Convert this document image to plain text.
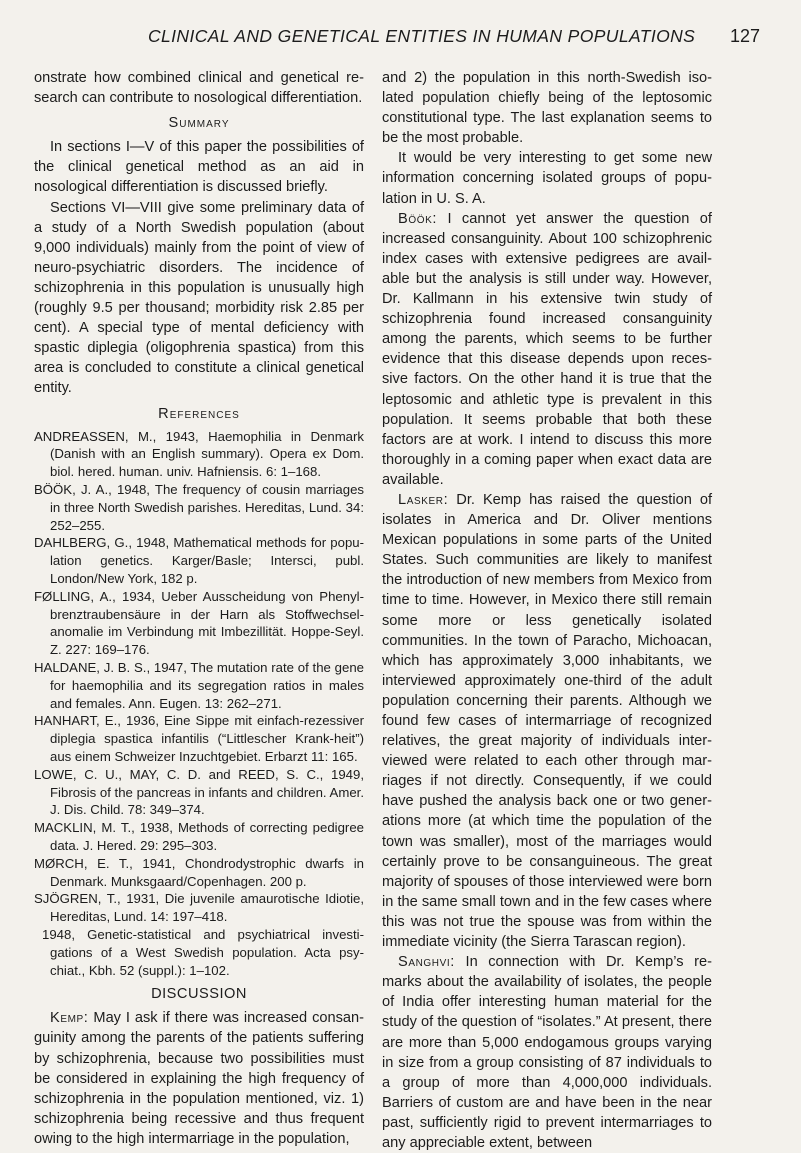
CLINICAL AND GENETICAL ENTITIES IN HUMAN POPULATIONS 127

onstrate how combined clinical and genetical re-search can contribute to nosological differentiation.

Summary

In sections I—V of this paper the possibilities of the clinical genetical method as an aid in nosological differentiation is discussed briefly.

Sections VI—VIII give some preliminary data of a study of a North Swedish population (about 9,000 individuals) mainly from the point of view of neuro-psychiatric disorders. The incidence of schizophrenia in this population is unusually high (roughly 9.5 per thousand; morbidity risk 2.85 per cent). A special type of mental deficiency with spastic diplegia (oligophrenia spastica) from this area is concluded to constitute a clinical genetical entity.

References

ANDREASSEN, M., 1943, Haemophilia in Denmark (Danish with an English summary). Opera ex Dom. biol. hered. human. univ. Hafniensis. 6: 1–168.

BÖÖK, J. A., 1948, The frequency of cousin marriages in three North Swedish parishes. Hereditas, Lund. 34: 252–255.

DAHLBERG, G., 1948, Mathematical methods for popu-lation genetics. Karger/Basle; Intersci, publ. London/New York, 182 p.

FØLLING, A., 1934, Ueber Ausscheidung von Phenyl-brenztraubensäure in der Harn als Stoffwechsel-anomalie im Verbindung mit Imbezillität. Hoppe-Seyl. Z. 227: 169–176.

HALDANE, J. B. S., 1947, The mutation rate of the gene for haemophilia and its segregation ratios in males and females. Ann. Eugen. 13: 262–271.

HANHART, E., 1936, Eine Sippe mit einfach-rezessiver diplegia spastica infantilis (“Littlescher Krank-heit”) aus einem Schweizer Inzuchtgebiet. Erbarzt 11: 165.

LOWE, C. U., MAY, C. D. and REED, S. C., 1949, Fibrosis of the pancreas in infants and children. Amer. J. Dis. Child. 78: 349–374.

MACKLIN, M. T., 1938, Methods of correcting pedigree data. J. Hered. 29: 295–303.

MØRCH, E. T., 1941, Chondrodystrophic dwarfs in Denmark. Munksgaard/Copenhagen. 200 p.

SJÖGREN, T., 1931, Die juvenile amaurotische Idiotie, Hereditas, Lund. 14: 197–418.

1948, Genetic-statistical and psychiatrical investi-gations of a West Swedish population. Acta psy-chiat., Kbh. 52 (suppl.): 1–102.

DISCUSSION

Kemp: May I ask if there was increased consan-guinity among the parents of the patients suffering by schizophrenia, because two possibilities must be considered in explaining the high frequency of schizophrenia in the population mentioned, viz. 1) schizophrenia being recessive and thus frequent owing to the high intermarriage in the population,

and 2) the population in this north-Swedish iso-lated population chiefly being of the leptosomic constitutional type. The last explanation seems to be the most probable.

It would be very interesting to get some new information concerning isolated groups of popu-lation in U. S. A.

Böök: I cannot yet answer the question of increased consanguinity. About 100 schizophrenic index cases with extensive pedigrees are avail-able but the analysis is still under way. However, Dr. Kallmann in his extensive twin study of schizophrenia found increased consanguinity among the parents, which seems to be further evidence that this disease depends upon reces-sive factors. On the other hand it is true that the leptosomic and athletic type is prevalent in this population. It seems probable that both these factors are at work. I intend to discuss this more thoroughly in a coming paper when exact data are available.

Lasker: Dr. Kemp has raised the question of isolates in America and Dr. Oliver mentions Mexican populations in some parts of the United States. Such communities are likely to manifest the introduction of new members from Mexico from time to time. However, in Mexico there still remain some more or less genetically isolated communities. In the town of Paracho, Michoacan, which has approximately 3,000 inhabitants, we interviewed approximately one-third of the adult population concerning their parents. Although we found few cases of intermarriage of recognized relatives, the great majority of individuals inter-viewed were related to each other through mar-riages if not directly. Consequently, if we could have pushed the analysis back one or two gener-ations more (at which time the population of the town was smaller), most of the marriages would certainly prove to be consanguineous. The great majority of spouses of those interviewed were born in the same small town and in the few cases where this was not true the spouse was from within the immediate vicinity (the Sierra Tarascan region).

Sanghvi: In connection with Dr. Kemp’s re-marks about the availability of isolates, the people of India offer interesting human material for the study of the question of “isolates.” At present, there are more than 5,000 endogamous groups varying in size from a group consisting of 87 individuals to a group of more than 4,000,000 individuals. Barriers of custom are and have been in the near past, sufficiently rigid to prevent intermarriages to any appreciable extent, between
